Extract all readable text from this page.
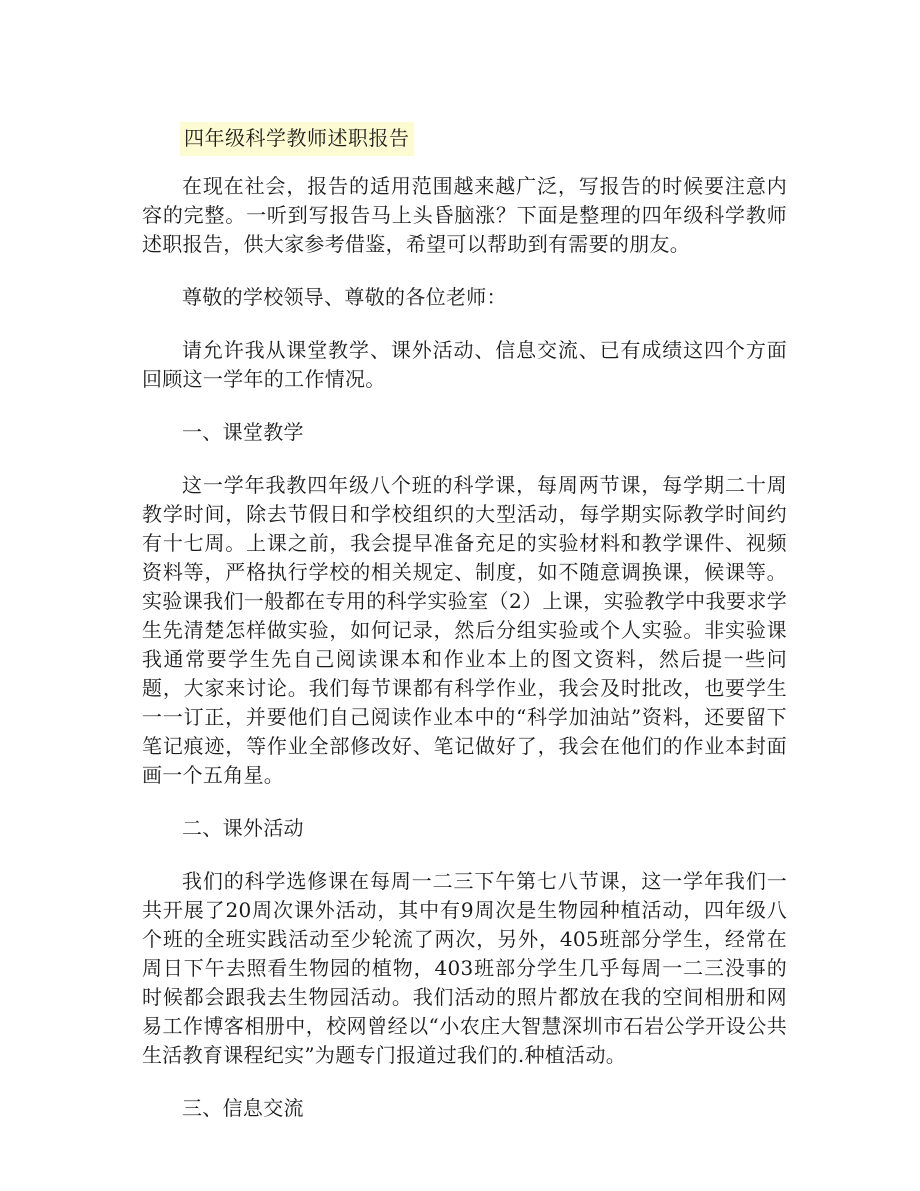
四年级科学教师述职报告

在现在社会，报告的适用范围越来越广泛，写报告的时候要注意内容的完整。一听到写报告马上头昏脑涨？下面是整理的四年级科学教师述职报告，供大家参考借鉴，希望可以帮助到有需要的朋友。

尊敬的学校领导、尊敬的各位老师：

请允许我从课堂教学、课外活动、信息交流、已有成绩这四个方面回顾这一学年的工作情况。

一、课堂教学

这一学年我教四年级八个班的科学课，每周两节课，每学期二十周教学时间，除去节假日和学校组织的大型活动，每学期实际教学时间约有十七周。上课之前，我会提早准备充足的实验材料和教学课件、视频资料等，严格执行学校的相关规定、制度，如不随意调换课，候课等。实验课我们一般都在专用的科学实验室（2）上课，实验教学中我要求学生先清楚怎样做实验，如何记录，然后分组实验或个人实验。非实验课我通常要学生先自己阅读课本和作业本上的图文资料，然后提一些问题，大家来讨论。我们每节课都有科学作业，我会及时批改，也要学生一一订正，并要他们自己阅读作业本中的“科学加油站”资料，还要留下笔记痕迹，等作业全部修改好、笔记做好了，我会在他们的作业本封面画一个五角星。

二、课外活动

我们的科学选修课在每周一二三下午第七八节课，这一学年我们一共开展了20周次课外活动，其中有9周次是生物园种植活动，四年级八个班的全班实践活动至少轮流了两次，另外，405班部分学生，经常在周日下午去照看生物园的植物，403班部分学生几乎每周一二三没事的时候都会跟我去生物园活动。我们活动的照片都放在我的空间相册和网易工作博客相册中，校网曾经以“小农庄大智慧深圳市石岩公学开设公共生活教育课程纪实”为题专门报道过我们的.种植活动。

三、信息交流
